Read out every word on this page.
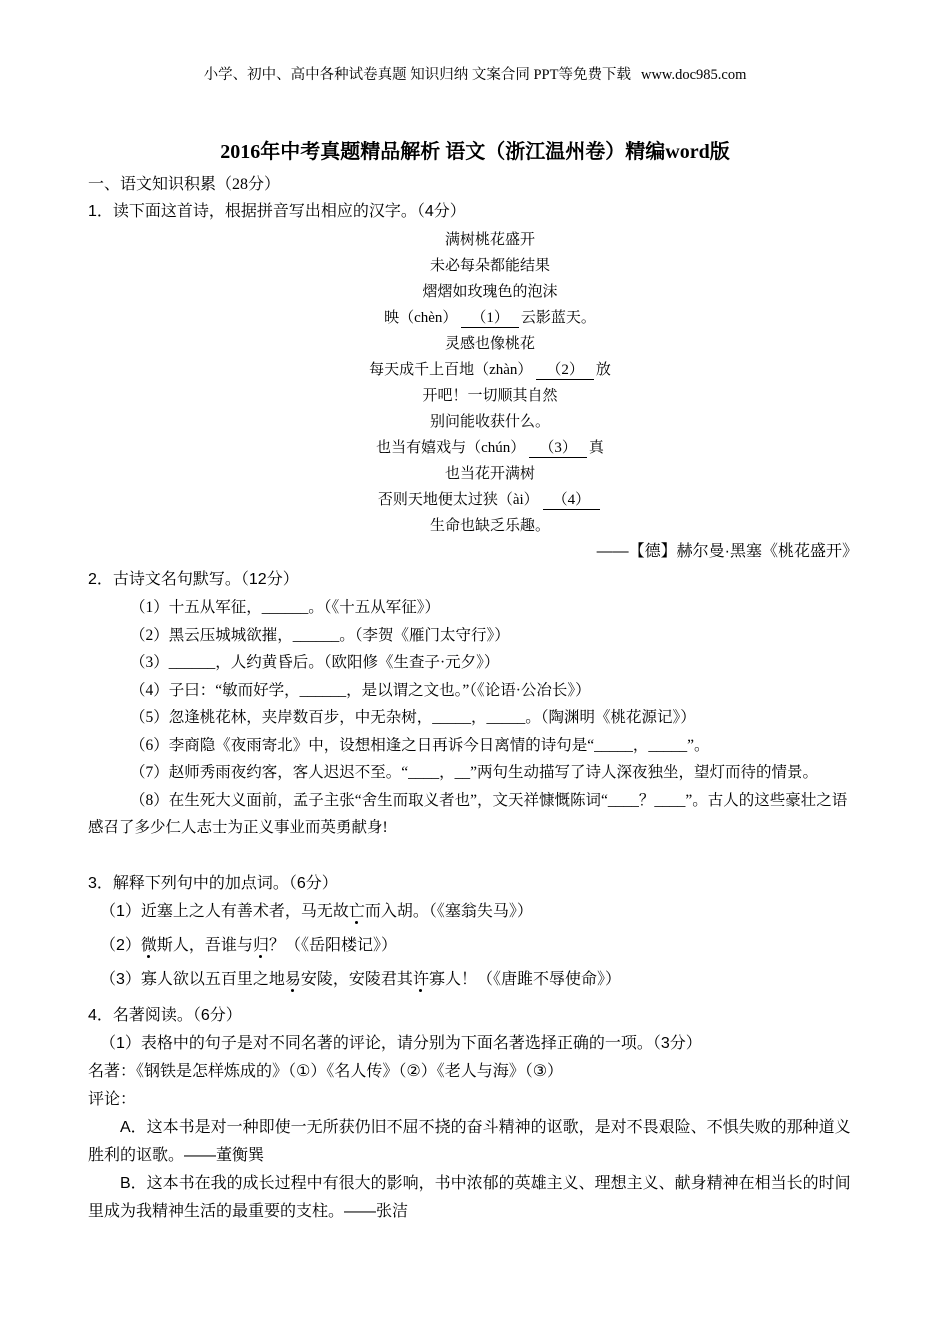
小学、初中、高中各种试卷真题 知识归纳 文案合同 PPT等免费下载 www.doc985.com
2016年中考真题精品解析 语文（浙江温州卷）精编word版
一、语文知识积累（28分）
1．读下面这首诗，根据拼音写出相应的汉字。（4分）
满树桃花盛开
未必每朵都能结果
熠熠如玫瑰色的泡沫
映（chèn） （1） 云影蓝天。
灵感也像桃花
每天成千上百地（zhàn） （2） 放
开吧！一切顺其自然
别问能收获什么。
也当有嬉戏与（chún） （3） 真
也当花开满树
否则天地便太过狭（ài） （4）
生命也缺乏乐趣。
——【德】赫尔曼·黑塞《桃花盛开》
2．古诗文名句默写。（12分）
（1）十五从军征，______。（《十五从军征》）
（2）黑云压城城欲摧，______。（李贺《雁门太守行》）
（3）______，人约黄昏后。（欧阳修《生查子·元夕》）
（4）子曰：“敏而好学，______，是以谓之文也。”（《论语·公冶长》）
（5）忽逢桃花林，夹岸数百步，中无杂树，_____，_____。（陶渊明《桃花源记》）
（6）李商隐《夜雨寄北》中，设想相逢之日再诉今日离情的诗句是“_____，_____”。
（7）赵师秀雨夜约客，客人迟迟不至。“____，__”两句生动描写了诗人深夜独坐，望灯而待的情景。
（8）在生死大义面前，孟子主张“舍生而取义者也”，文天祥慷慨陈词“____？____”。古人的这些豪壮之语感召了多少仁人志士为正义事业而英勇献身!
3．解释下列句中的加点词。（6分）
（1）近塞上之人有善术者，马无故亡而入胡。（《塞翁失马》）
（2）微斯人，吾谁与归？（《岳阳楼记》）
（3）寡人欲以五百里之地易安陵，安陵君其许寡人！（《唐雎不辱使命》）
4．名著阅读。（6分）
（1）表格中的句子是对不同名著的评论，请分别为下面名著选择正确的一项。（3分）
名著：《钢铁是怎样炼成的》（①）《名人传》（②）《老人与海》（③）
评论：
A．这本书是对一种即使一无所获仍旧不屈不挠的奋斗精神的讴歌，是对不畏艰险、不惧失败的那种道义胜利的讴歌。——董衡巽
B．这本书在我的成长过程中有很大的影响，书中浓郁的英雄主义、理想主义、献身精神在相当长的时间里成为我精神生活的最重要的支柱。——张洁
